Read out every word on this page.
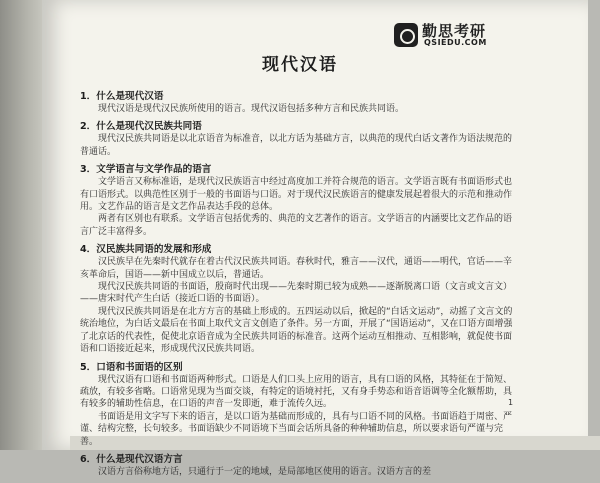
勤思考研
QSIEDU.COM
现代汉语
1．什么是现代汉语

现代汉语是现代汉民族所使用的语言。现代汉语包括多种方言和民族共同语。

2．什么是现代汉民族共同语

现代汉民族共同语是以北京语音为标准音，以北方话为基础方言，以典范的现代白话文著作为语法规范的普通话。

3．文学语言与文学作品的语言

文学语言又称标准语，是现代汉民族语言中经过高度加工并符合规范的语言。文学语言既有书面语形式也有口语形式。以典范性区别于一般的书面语与口语。对于现代汉民族语言的健康发展起着很大的示范和推动作用。文艺作品的语言是文艺作品表达手段的总体。

两者有区别也有联系。文学语言包括优秀的、典范的文艺著作的语言。文学语言的内涵要比文艺作品的语言广泛丰富得多。

4．汉民族共同语的发展和形成

汉民族早在先秦时代就存在着古代汉民族共同语。春秋时代，雅言——汉代，通语——明代，官话——辛亥革命后，国语——新中国成立以后，普通话。

现代汉民族共同语的书面语，殷商时代出现——先秦时期已较为成熟——逐渐脱离口语（文言或文言文）——唐宋时代产生白话（接近口语的书面语）。

现代汉民族共同语是在北方方言的基础上形成的。五四运动以后，掀起的“白话文运动”，动摇了文言文的统治地位，为白话文最后在书面上取代文言文创造了条件。另一方面，开展了“国语运动”，又在口语方面增强了北京话的代表性，促使北京语音成为全民族共同语的标准音。这两个运动互相推动、互相影响，就促使书面语和口语接近起来，形成现代汉民族共同语。

5．口语和书面语的区别

现代汉语有口语和书面语两种形式。口语是人们口头上应用的语言，具有口语的风格，其特征在于简短、疏放，有较多省略。口语常见现为当面交谈，有特定的语境衬托，又有身手势态和语音语调等全化额帮助，具有较多的辅助性信息，在口语的声音一发即逝，难于流传久远。

书面语是用文字写下来的语言，是以口语为基础而形成的，具有与口语不同的风格。书面语趋于周密、严谨、结构完整，长句较多。书面语缺少不同语境下当面会话所具备的种种辅助信息，所以要求语句严谨与完善。

6．什么是现代汉语方言

汉语方言俗称地方话，只通行于一定的地域，是局部地区使用的语言。汉语方言的差

1
